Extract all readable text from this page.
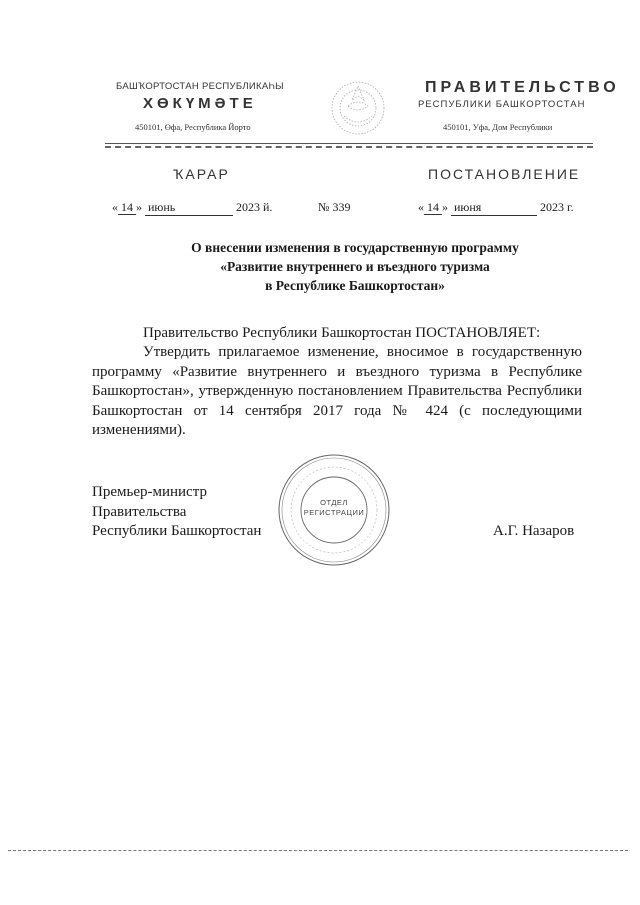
БАШҠОРТОСТАН РЕСПУБЛИКАҺЫ
ХӨКҮМӘТЕ
450101, Өфа, Республика Йорто
ПРАВИТЕЛЬСТВО
РЕСПУБЛИКИ БАШКОРТОСТАН
450101, Уфа, Дом Республики
ҠАРАР	ПОСТАНОВЛЕНИЕ
« 14 » июнь	2023 й.	№ 339	« 14 » июня	2023 г.
О внесении изменения в государственную программу
«Развитие внутреннего и въездного туризма
в Республике Башкортостан»
Правительство Республики Башкортостан ПОСТАНОВЛЯЕТ:
Утвердить прилагаемое изменение, вносимое в государственную программу «Развитие внутреннего и въездного туризма в Республике Башкортостан», утвержденную постановлением Правительства Республики Башкортостан от 14 сентября 2017 года № 424 (с последующими изменениями).
Премьер-министр
Правительства
Республики Башкортостан	А.Г. Назаров
ОТДЕЛ
РЕГИСТРАЦИИ
